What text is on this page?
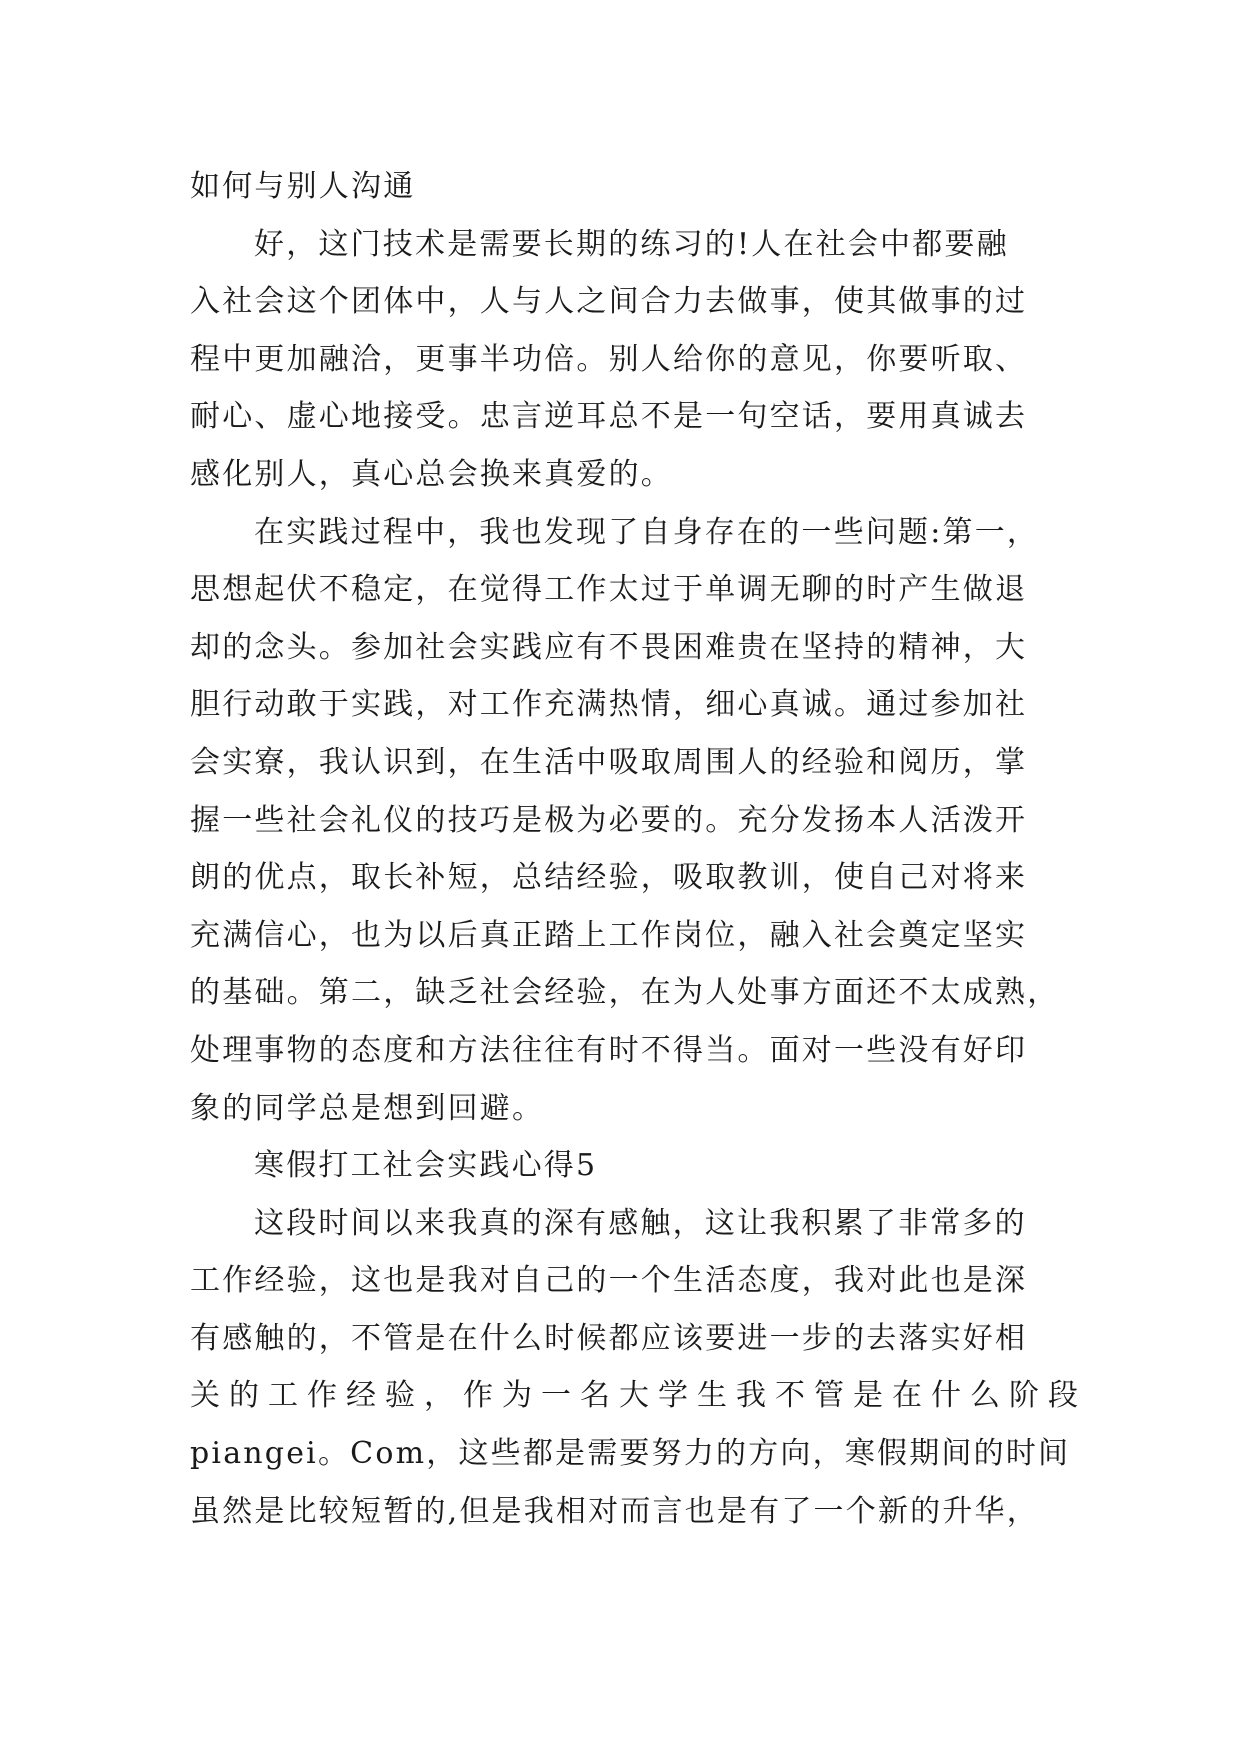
如何与别人沟通
好，这门技术是需要长期的练习的!人在社会中都要融
入社会这个团体中，人与人之间合力去做事，使其做事的过
程中更加融洽，更事半功倍。别人给你的意见，你要听取、
耐心、虚心地接受。忠言逆耳总不是一句空话，要用真诚去
感化别人，真心总会换来真爱的。
在实践过程中，我也发现了自身存在的一些问题:第一，
思想起伏不稳定，在觉得工作太过于单调无聊的时产生做退
却的念头。参加社会实践应有不畏困难贵在坚持的精神，大
胆行动敢于实践，对工作充满热情，细心真诚。通过参加社
会实寮，我认识到，在生活中吸取周围人的经验和阅历，掌
握一些社会礼仪的技巧是极为必要的。充分发扬本人活泼开
朗的优点，取长补短，总结经验，吸取教训，使自己对将来
充满信心，也为以后真正踏上工作岗位，融入社会奠定坚实
的基础。第二，缺乏社会经验，在为人处事方面还不太成熟，
处理事物的态度和方法往往有时不得当。面对一些没有好印
象的同学总是想到回避。
寒假打工社会实践心得5
这段时间以来我真的深有感触，这让我积累了非常多的
工作经验，这也是我对自己的一个生活态度，我对此也是深
有感触的，不管是在什么时候都应该要进一步的去落实好相
关的工作经验，作为一名大学生我不管是在什么阶段
piangei。Com，这些都是需要努力的方向，寒假期间的时间
虽然是比较短暂的,但是我相对而言也是有了一个新的升华，
